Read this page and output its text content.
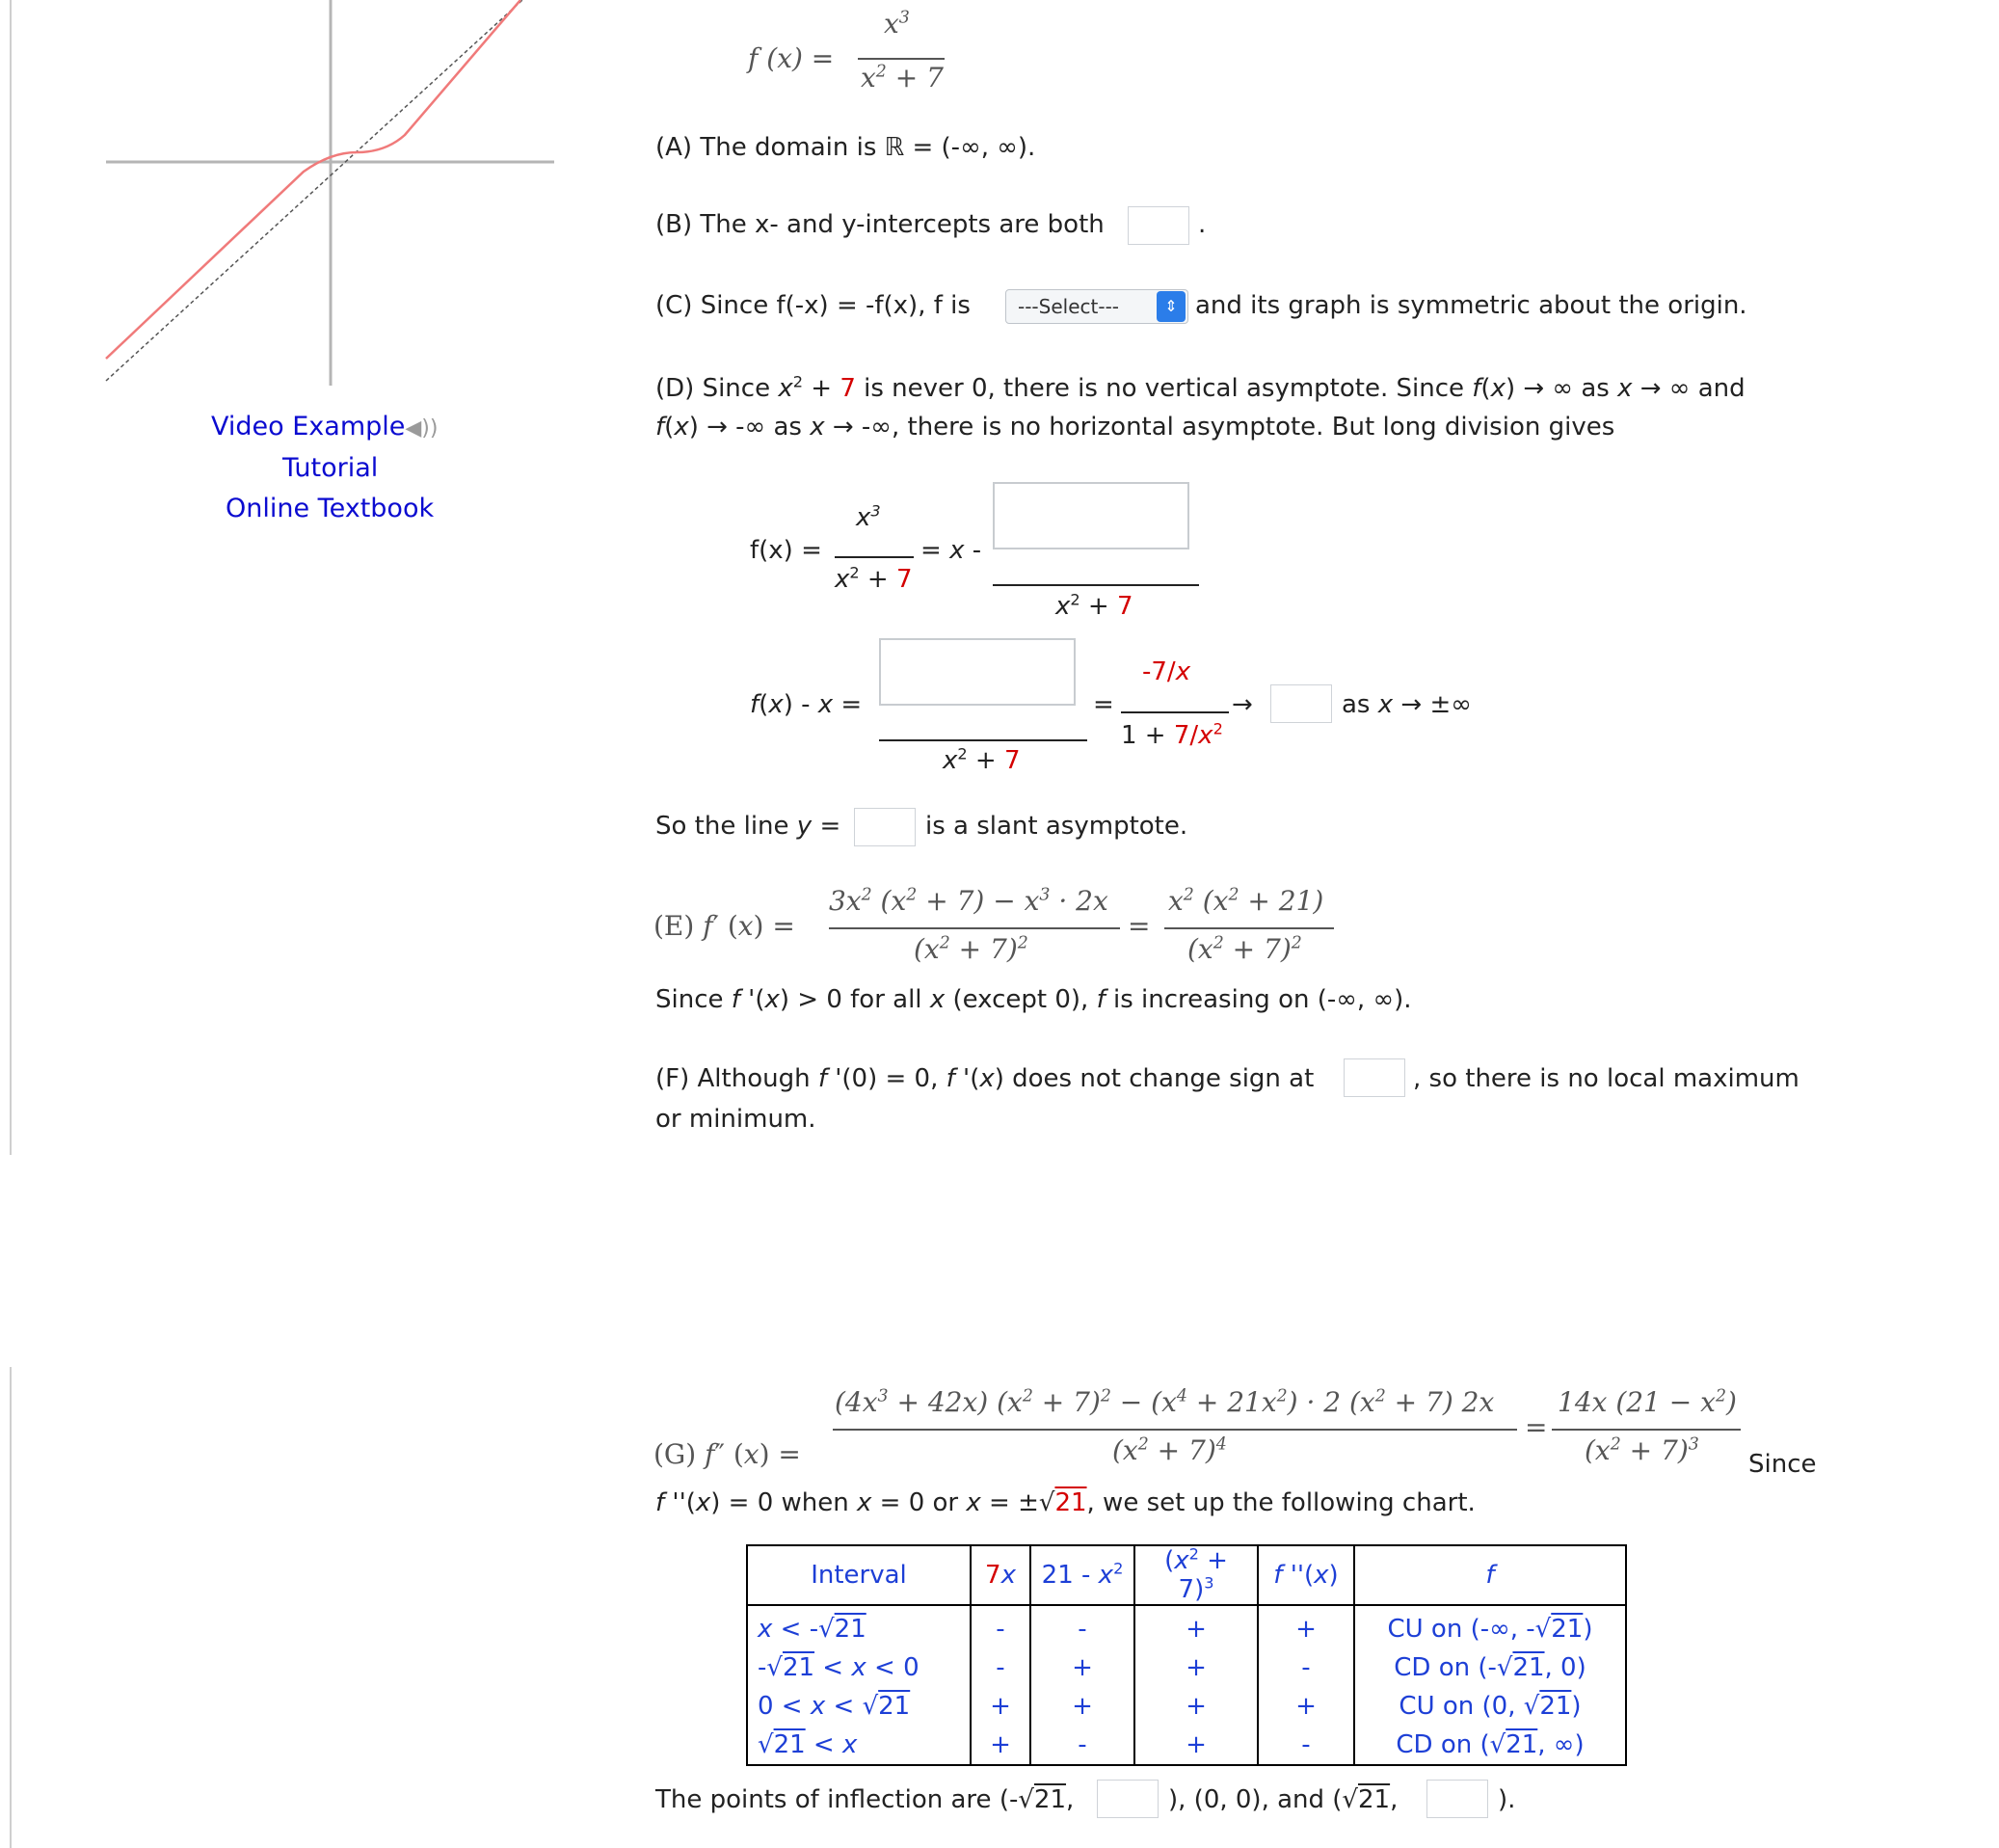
Video Example◀))
Tutorial
Online Textbook
f (x) =
$x^3$
$x^2 + 7$
(A) The domain is ℝ = (-∞, ∞).
(B) The x- and y-intercepts are both	.
(C) Since f(-x) = -f(x), f is
---Select---	⇕ and its graph is symmetric about the origin.
(D) Since $x^2 + 7$ is never 0, there is no vertical asymptote. Since f(x) → ∞ as x → ∞ and
f(x) → -∞ as x → -∞, there is no horizontal asymptote. But long division gives
f(x) =
$x^3$
$x^2 + 7$
= x -
$x^2 + 7$
f(x) - x =
$x^2 + 7$
=
-7/x
$1 + 7/x^2$
→	as x → ±∞
So the line y =	is a slant asymptote.
(E) f′ (x) =
$3x^2$ $(x^2 + 7) - x^3 \cdot 2x$
$(x^2 + 7)^2$
=
$x^2$ $(x^2 + 21)$
$(x^2 + 7)^2$
Since f '(x) > 0 for all x (except 0), f is increasing on (-∞, ∞).
(F) Although f '(0) = 0, f '(x) does not change sign at	, so there is no local maximum
or minimum.
$(4x^3 + 42x) (x^2 + 7)^2 - (x^4 + 21x^2) \cdot 2$ $(x^2 + 7)$ 2x
$(x^2 + 7)^4$
(G) f″ (x) =
=
14x $(21 - x^2)$
$(x^2 + 7)^3$
Since
f ''(x) = 0 when x = 0 or x = ±√21, we set up the following chart.
Interval	7x	$21 - x^2$	$(x^2 + 7)^3$	f ''(x)	f
x < -√21	-	-	+	+	CU on (-∞, -√21)
-√21 < x < 0	-	+	+	-	CD on (-√21, 0)
0 < x < √21	+	+	+	+	CU on (0, √21)
√21 < x	+	-	+	-	CD on (√21, ∞)
The points of inflection are (-√21,	), (0, 0), and (√21,	).
